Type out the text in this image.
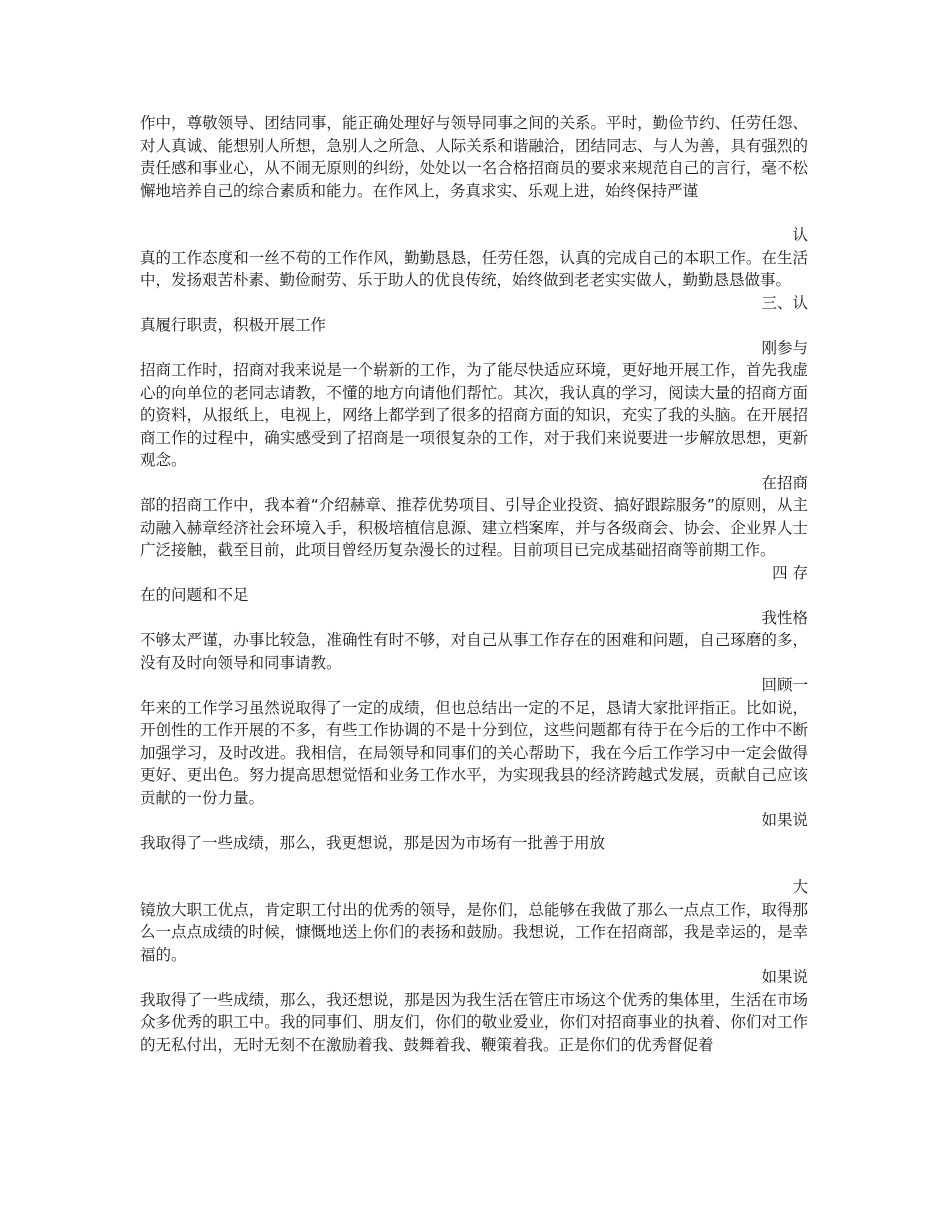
作中，尊敬领导、团结同事，能正确处理好与领导同事之间的关系。平时，勤俭节约、任劳任怨、对人真诚、能想别人所想，急别人之所急、人际关系和谐融洽，团结同志、与人为善，具有强烈的责任感和事业心，从不闹无原则的纠纷，处处以一名合格招商员的要求来规范自己的言行，毫不松懈地培养自己的综合素质和能力。在作风上，务真求实、乐观上进，始终保持严谨

认

真的工作态度和一丝不苟的工作作风，勤勤恳恳，任劳任怨，认真的完成自己的本职工作。在生活中，发扬艰苦朴素、勤俭耐劳、乐于助人的优良传统，始终做到老老实实做人，勤勤恳恳做事。

三、认

真履行职责，积极开展工作

刚参与

招商工作时，招商对我来说是一个崭新的工作，为了能尽快适应环境，更好地开展工作，首先我虚心的向单位的老同志请教，不懂的地方向请他们帮忙。其次，我认真的学习，阅读大量的招商方面的资料，从报纸上，电视上，网络上都学到了很多的招商方面的知识，充实了我的头脑。在开展招商工作的过程中，确实感受到了招商是一项很复杂的工作，对于我们来说要进一步解放思想，更新观念。

在招商

部的招商工作中，我本着“介绍赫章、推荐优势项目、引导企业投资、搞好跟踪服务”的原则，从主动融入赫章经济社会环境入手，积极培植信息源、建立档案库，并与各级商会、协会、企业界人士广泛接触，截至目前，此项目曾经历复杂漫长的过程。目前项目已完成基础招商等前期工作。

四 存

在的问题和不足

我性格

不够太严谨，办事比较急，准确性有时不够，对自己从事工作存在的困难和问题，自己琢磨的多，没有及时向领导和同事请教。

回顾一

年来的工作学习虽然说取得了一定的成绩，但也总结出一定的不足，恳请大家批评指正。比如说，开创性的工作开展的不多，有些工作协调的不是十分到位，这些问题都有待于在今后的工作中不断加强学习，及时改进。我相信，在局领导和同事们的关心帮助下，我在今后工作学习中一定会做得更好、更出色。努力提高思想觉悟和业务工作水平，为实现我县的经济跨越式发展，贡献自己应该贡献的一份力量。

如果说

我取得了一些成绩，那么，我更想说，那是因为市场有一批善于用放

大

镜放大职工优点，肯定职工付出的优秀的领导，是你们，总能够在我做了那么一点点工作，取得那么一点点成绩的时候，慷慨地送上你们的表扬和鼓励。我想说，工作在招商部，我是幸运的，是幸福的。

如果说

我取得了一些成绩，那么，我还想说，那是因为我生活在管庄市场这个优秀的集体里，生活在市场众多优秀的职工中。我的同事们、朋友们，你们的敬业爱业，你们对招商事业的执着、你们对工作的无私付出，无时无刻不在激励着我、鼓舞着我、鞭策着我。正是你们的优秀督促着
